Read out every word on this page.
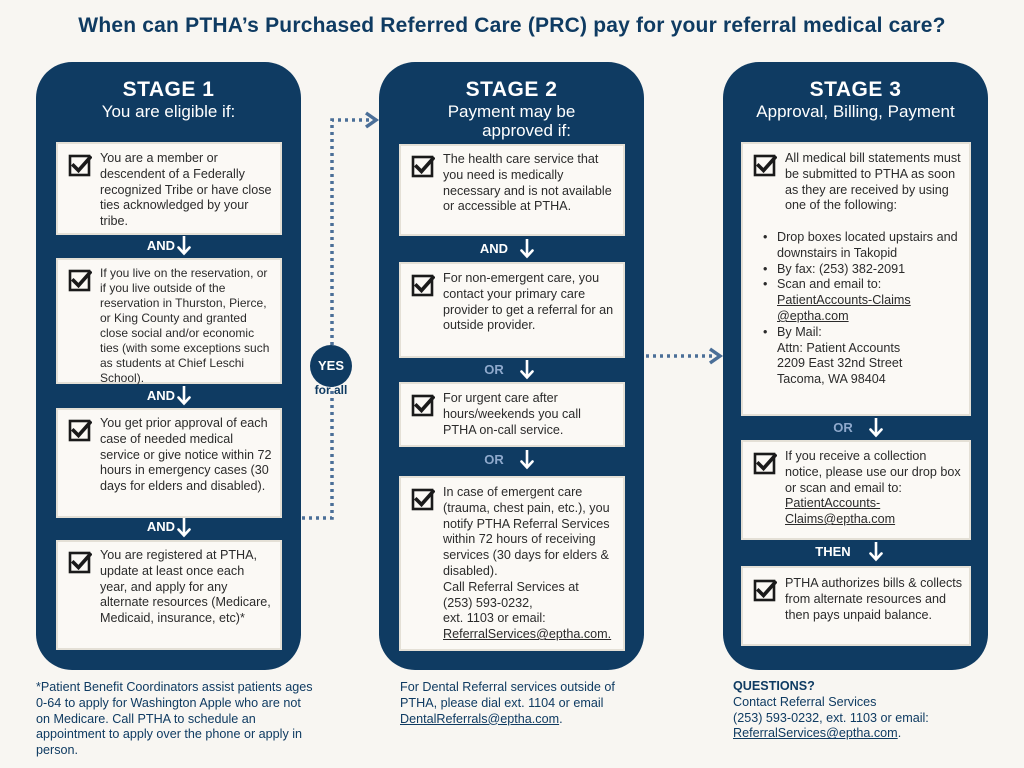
When can PTHA’s Purchased Referred Care (PRC) pay for your referral medical care?
STAGE 1
You are eligible if:
You are a member or descendent of a Federally recognized Tribe or have close ties acknowledged by your tribe.
AND
If you live on the reservation, or if you live outside of the reservation in Thurston, Pierce, or King County and granted close social and/or economic ties (with some exceptions such as students at Chief Leschi School).
AND
You get prior approval of each case of needed medical service or give notice within 72 hours in emergency cases (30 days for elders and disabled).
AND
You are registered at PTHA, update at least once each year, and apply for any alternate resources (Medicare, Medicaid, insurance, etc)*
YES
for all
STAGE 2
Payment may be
approved if:
The health care service that you need is medically necessary and is not available or accessible at PTHA.
AND
For non-emergent care, you contact your primary care provider to get a referral for an outside provider.
OR
For urgent care after hours/weekends you call PTHA on-call service.
OR
In case of emergent care (trauma, chest pain, etc.), you notify PTHA Referral Services within 72 hours of receiving services (30 days for elders & disabled).
Call Referral Services at
(253) 593-0232,
ext. 1103 or email:
ReferralServices@eptha.com.
STAGE 3
Approval, Billing, Payment
All medical bill statements must be submitted to PTHA as soon as they are received by using one of the following:
• Drop boxes located upstairs and downstairs in Takopid
• By fax: (253) 382-2091
• Scan and email to:
PatientAccounts-Claims
@eptha.com
• By Mail:
Attn: Patient Accounts
2209 East 32nd Street
Tacoma, WA 98404
OR
If you receive a collection notice, please use our drop box or scan and email to: PatientAccounts-Claims@eptha.com
THEN
PTHA authorizes bills & collects from alternate resources and then pays unpaid balance.
*Patient Benefit Coordinators assist patients ages 0-64 to apply for Washington Apple who are not on Medicare. Call PTHA to schedule an appointment to apply over the phone or apply in person.
For Dental Referral services outside of PTHA, please dial ext. 1104 or email DentalReferrals@eptha.com.
QUESTIONS?
Contact Referral Services
(253) 593-0232, ext. 1103 or email:
ReferralServices@eptha.com.
